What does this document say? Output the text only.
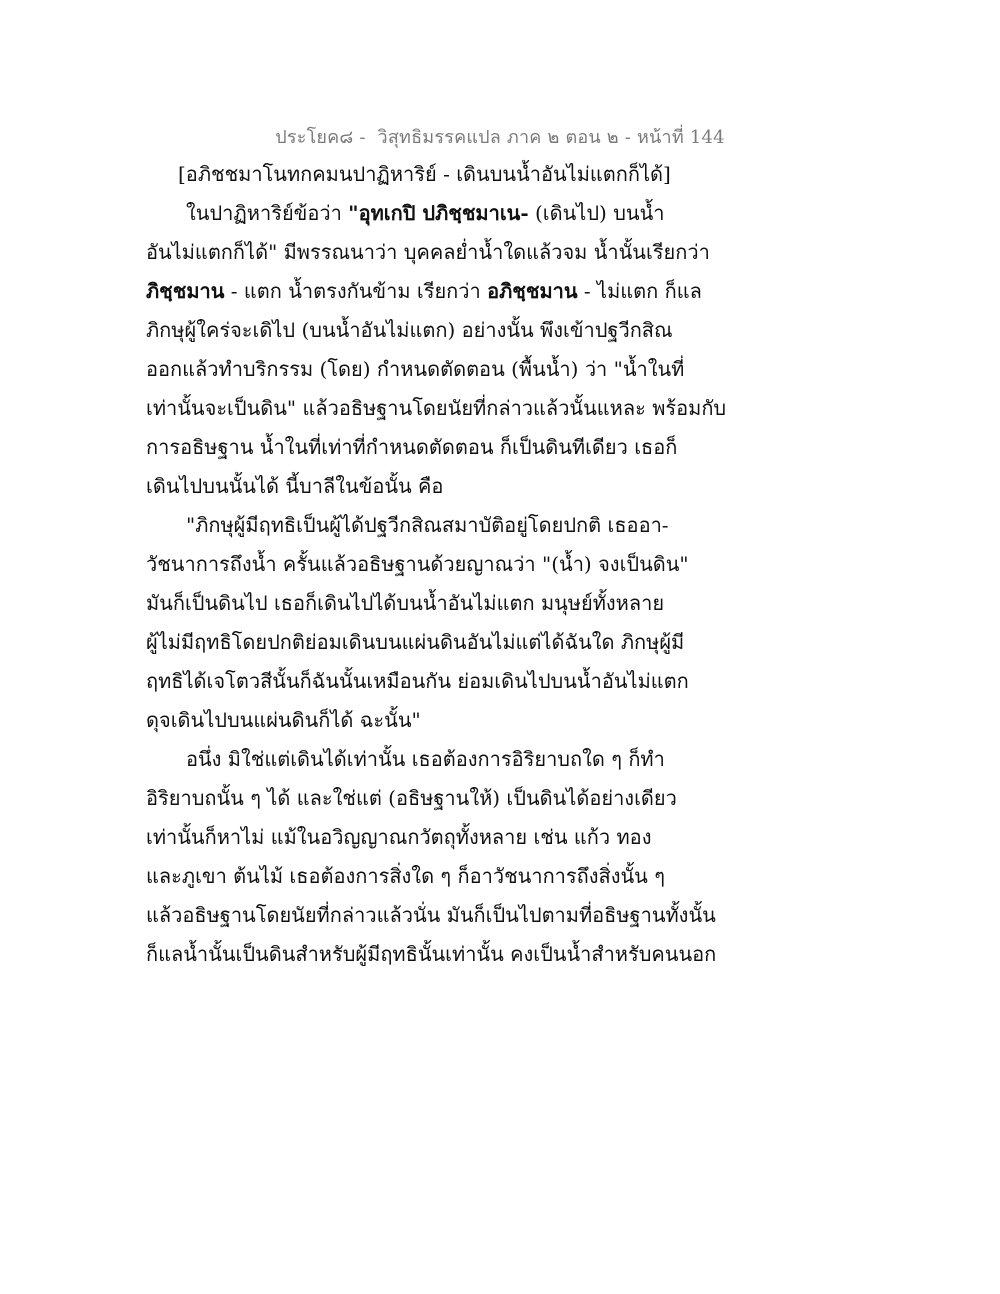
ประโยค๘ -  วิสุทธิมรรคแปล ภาค ๒ ตอน ๒ - หน้าที่ 144
[อภิชชมาโนทกคมนปาฏิหาริย์ - เดินบนน้ำอันไม่แตกก็ได้]
ในปาฏิหาริย์ข้อว่า "อุทเกปิ ปภิชฺชมาเน- (เดินไป) บนน้ำ
อันไม่แตกก็ได้" มีพรรณนาว่า บุคคลย่ำน้ำใดแล้วจม น้ำนั้นเรียกว่า
ภิชฺชมาน - แตก น้ำตรงกันข้าม เรียกว่า อภิชฺชมาน - ไม่แตก ก็แล
ภิกษุผู้ใคร่จะเดิไป (บนน้ำอันไม่แตก) อย่างนั้น พึงเข้าปฐวีกสิณ
ออกแล้วทำบริกรรม (โดย) กำหนดตัดตอน (พื้นน้ำ) ว่า "น้ำในที่
เท่านั้นจะเป็นดิน" แล้วอธิษฐานโดยนัยที่กล่าวแล้วนั้นแหละ พร้อมกับ
การอธิษฐาน น้ำในที่เท่าที่กำหนดตัดตอน ก็เป็นดินทีเดียว เธอก็
เดินไปบนนั้นได้ นี้บาลีในข้อนั้น คือ
"ภิกษุผู้มีฤทธิเป็นผู้ได้ปฐวีกสิณสมาบัติอยู่โดยปกติ เธออา-
วัชนาการถึงน้ำ ครั้นแล้วอธิษฐานด้วยญาณว่า "(น้ำ) จงเป็นดิน"
มันก็เป็นดินไป เธอก็เดินไปได้บนน้ำอันไม่แตก มนุษย์ทั้งหลาย
ผู้ไม่มีฤทธิโดยปกติย่อมเดินบนแผ่นดินอันไม่แต่ได้ฉันใด ภิกษุผู้มี
ฤทธิได้เจโตวสีนั้นก็ฉันนั้นเหมือนกัน ย่อมเดินไปบนน้ำอันไม่แตก
ดุจเดินไปบนแผ่นดินก็ได้ ฉะนั้น"
อนึ่ง มิใช่แต่เดินได้เท่านั้น เธอต้องการอิริยาบถใด ๆ ก็ทำ
อิริยาบถนั้น ๆ ได้ และใช่แต่ (อธิษฐานให้) เป็นดินได้อย่างเดียว
เท่านั้นก็หาไม่ แม้ในอวิญญาณกวัตถุทั้งหลาย เช่น แก้ว ทอง
และภูเขา ต้นไม้ เธอต้องการสิ่งใด ๆ ก็อาวัชนาการถึงสิ่งนั้น ๆ
แล้วอธิษฐานโดยนัยที่กล่าวแล้วนั่น มันก็เป็นไปตามที่อธิษฐานทั้งนั้น
ก็แลน้ำนั้นเป็นดินสำหรับผู้มีฤทธินั้นเท่านั้น คงเป็นน้ำสำหรับคนนอก
